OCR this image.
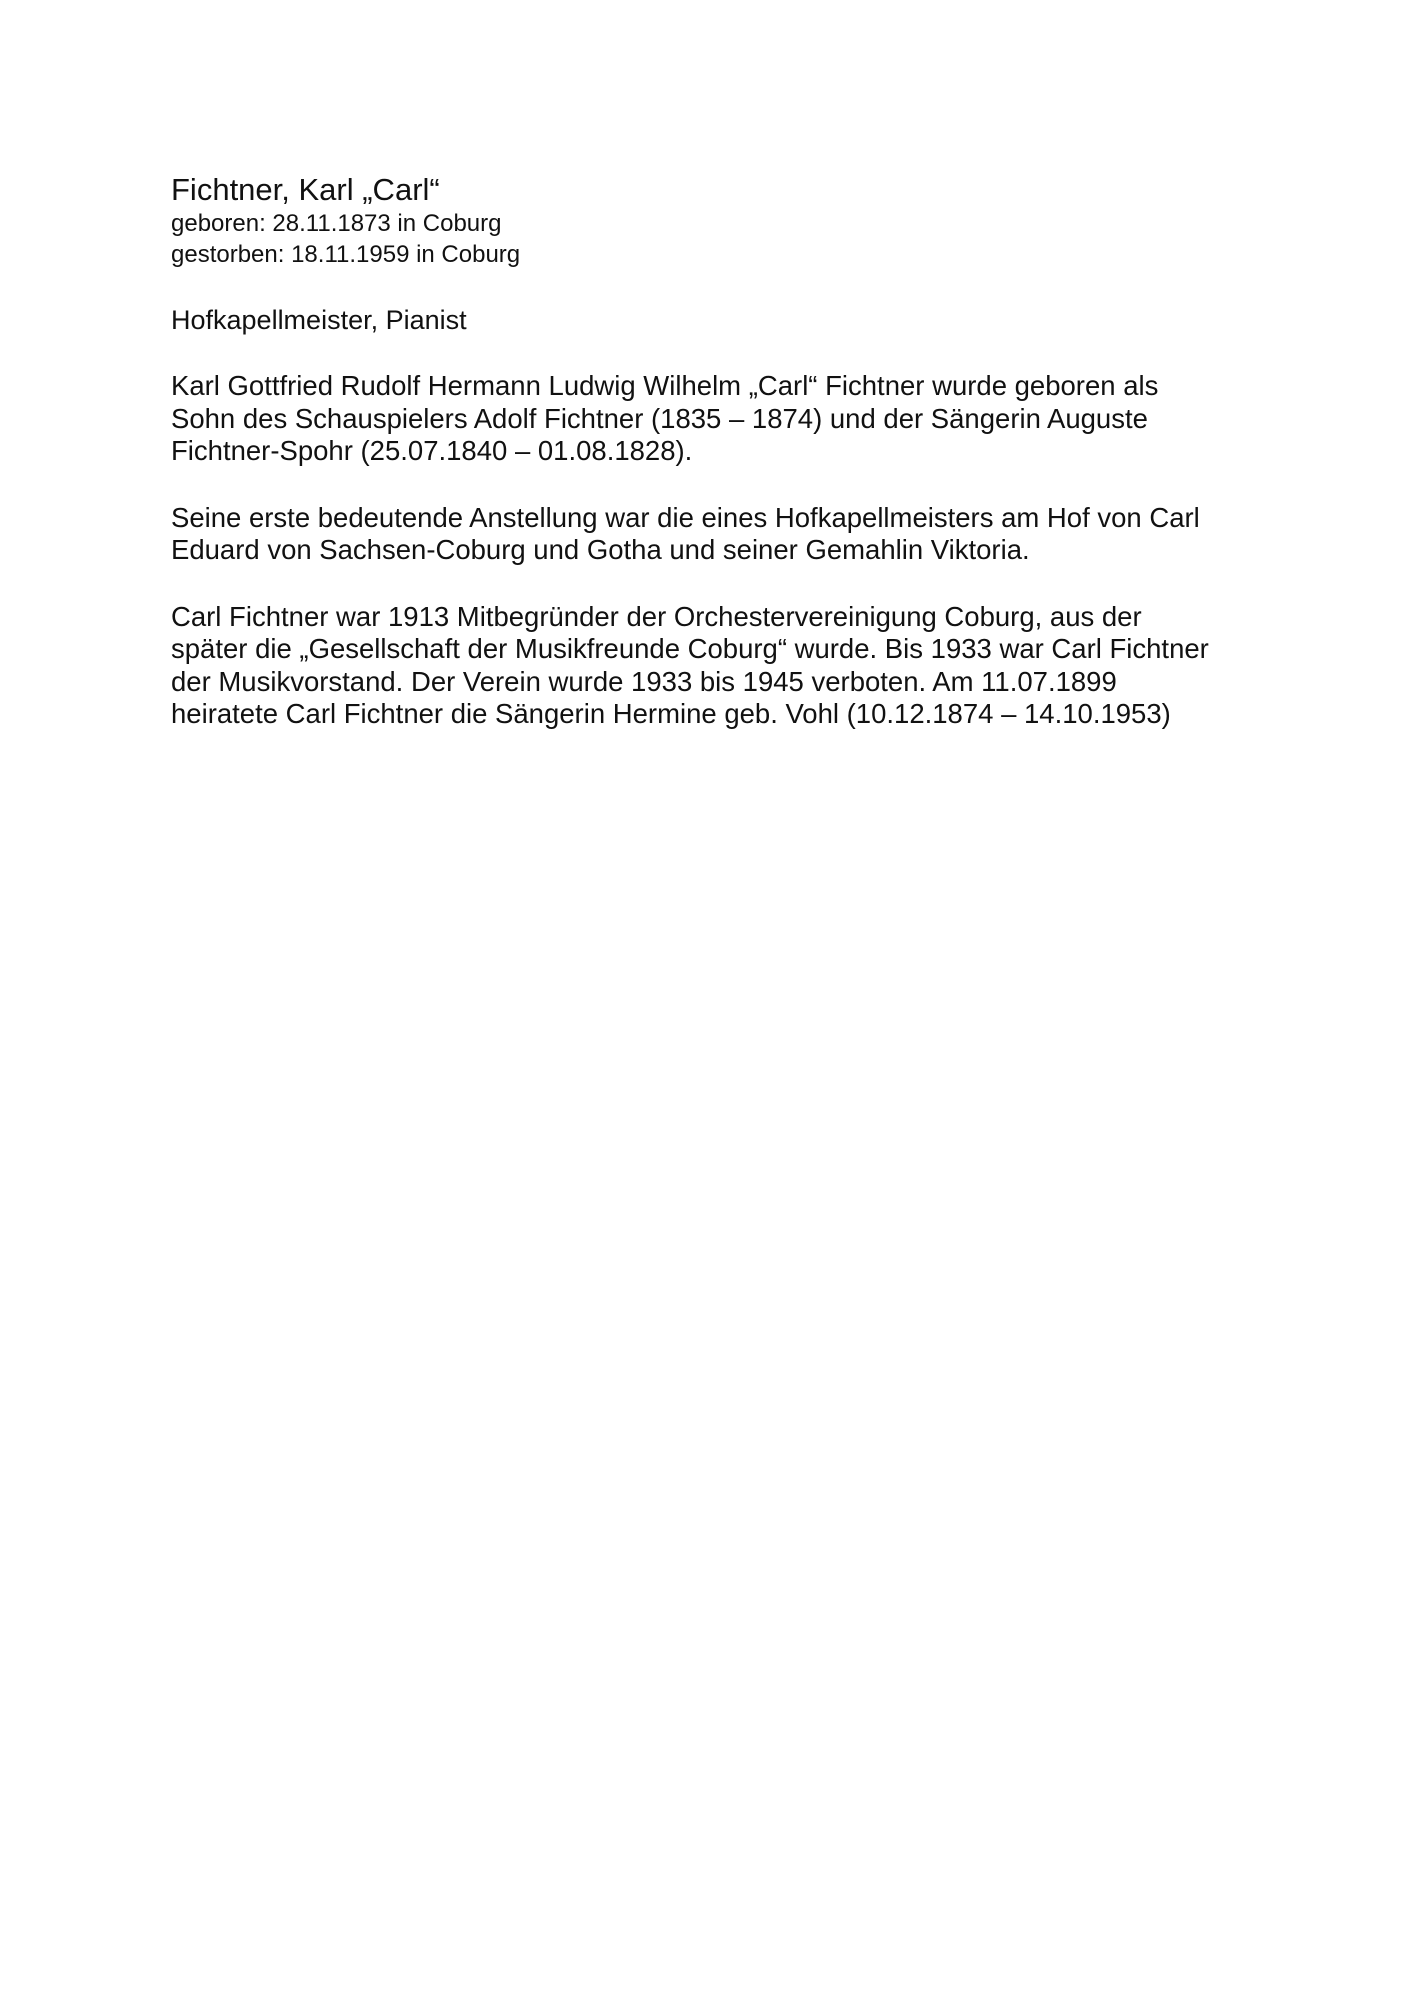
Fichtner, Karl „Carl“

geboren: 28.11.1873 in Coburg

gestorben: 18.11.1959 in Coburg

Hofkapellmeister, Pianist

Karl Gottfried Rudolf Hermann Ludwig Wilhelm „Carl“ Fichtner wurde geboren als

Sohn des Schauspielers Adolf Fichtner (1835 – 1874) und der Sängerin Auguste

Fichtner-Spohr (25.07.1840 – 01.08.1828).

Seine erste bedeutende Anstellung war die eines Hofkapellmeisters am Hof von Carl

Eduard von Sachsen-Coburg und Gotha und seiner Gemahlin Viktoria.

Carl Fichtner war 1913 Mitbegründer der Orchestervereinigung Coburg, aus der

später die „Gesellschaft der Musikfreunde Coburg“ wurde. Bis 1933 war Carl Fichtner

der Musikvorstand. Der Verein wurde 1933 bis 1945 verboten. Am 11.07.1899

heiratete Carl Fichtner die Sängerin Hermine geb. Vohl (10.12.1874 – 14.10.1953)
